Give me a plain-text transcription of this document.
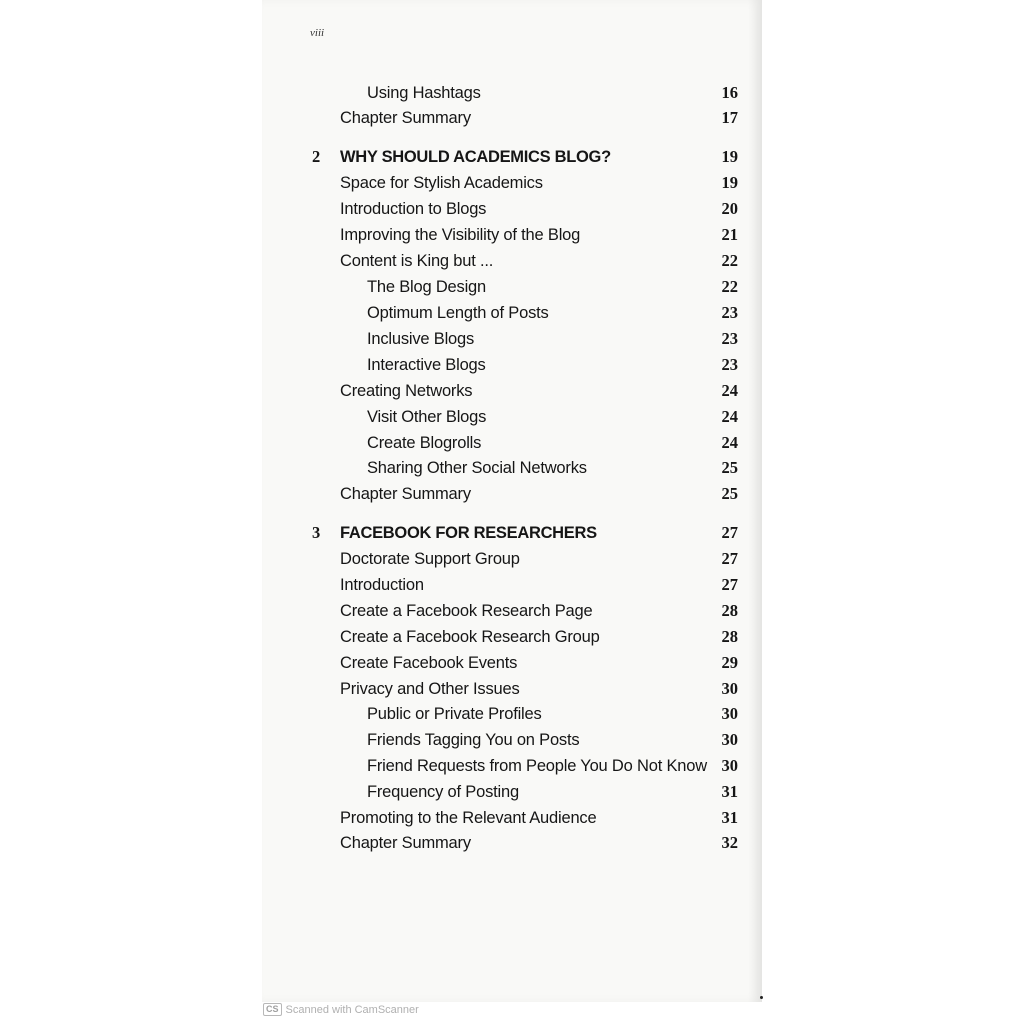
viii
Using Hashtags	16
Chapter Summary	17
2 WHY SHOULD ACADEMICS BLOG?	19
Space for Stylish Academics	19
Introduction to Blogs	20
Improving the Visibility of the Blog	21
Content is King but ...	22
The Blog Design	22
Optimum Length of Posts	23
Inclusive Blogs	23
Interactive Blogs	23
Creating Networks	24
Visit Other Blogs	24
Create Blogrolls	24
Sharing Other Social Networks	25
Chapter Summary	25
3 FACEBOOK FOR RESEARCHERS	27
Doctorate Support Group	27
Introduction	27
Create a Facebook Research Page	28
Create a Facebook Research Group	28
Create Facebook Events	29
Privacy and Other Issues	30
Public or Private Profiles	30
Friends Tagging You on Posts	30
Friend Requests from People You Do Not Know 30
Frequency of Posting	31
Promoting to the Relevant Audience	31
Chapter Summary	32
CS Scanned with CamScanner
